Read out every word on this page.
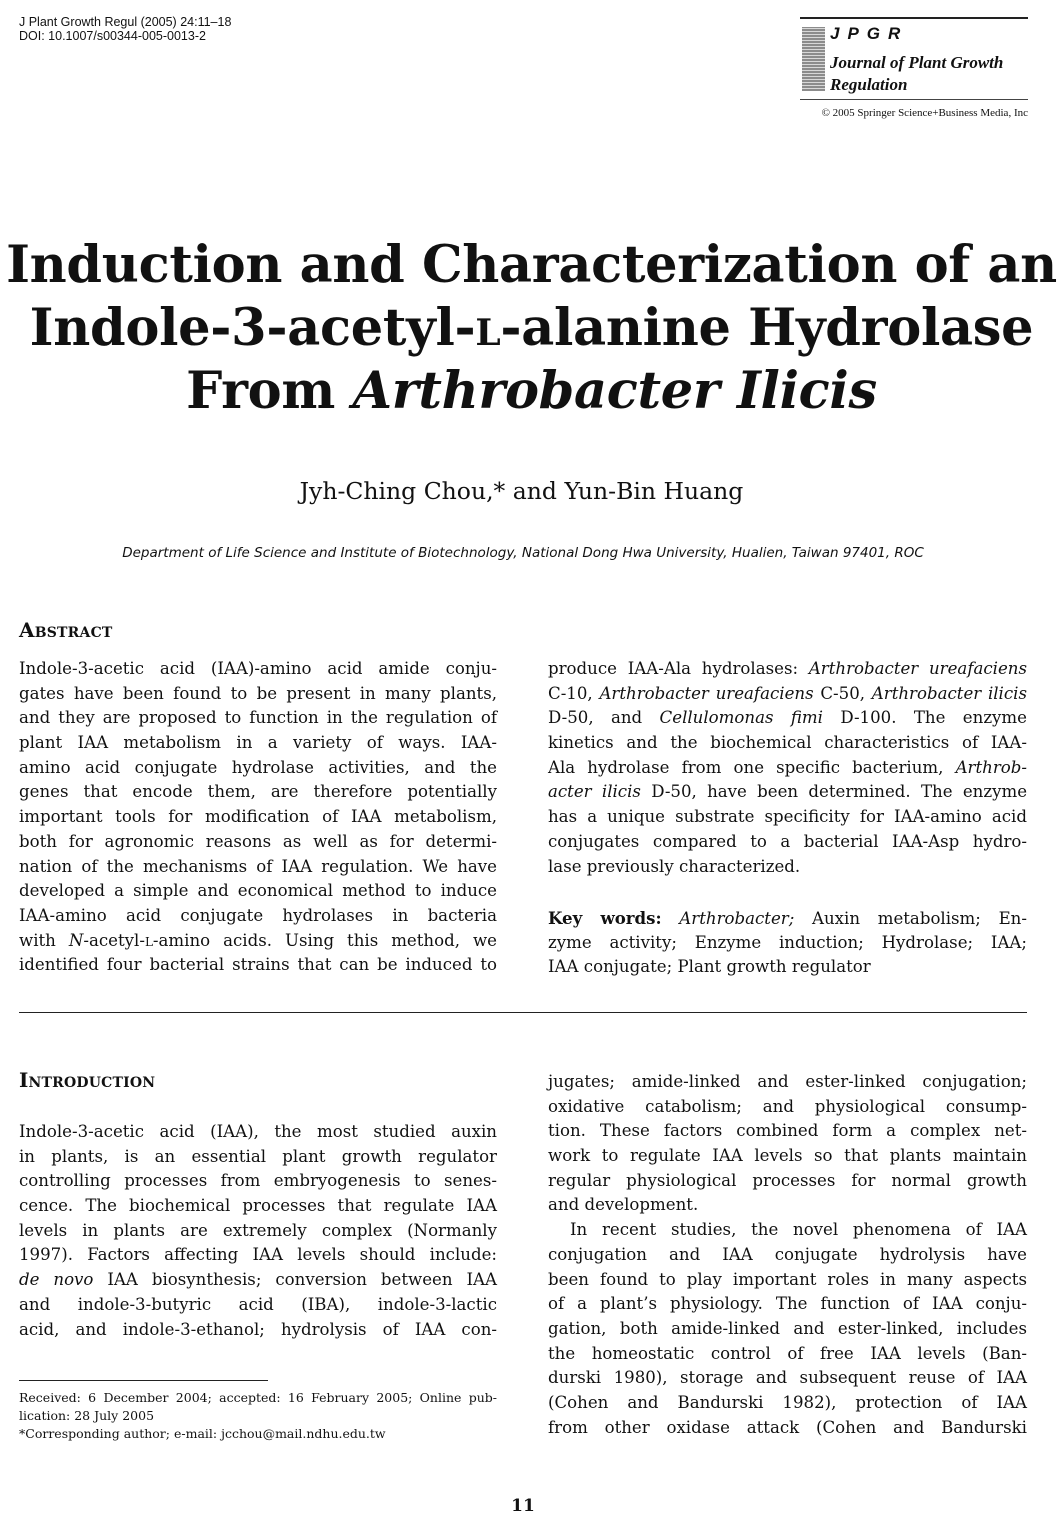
J Plant Growth Regul (2005) 24:11–18
DOI: 10.1007/s00344-005-0013-2	JPGR
Journal of Plant Growth
Regulation
© 2005 Springer Science+Business Media, Inc
Induction and Characterization of an
Indole-3-acetyl-l-alanine Hydrolase
From Arthrobacter Ilicis
Jyh-Ching Chou,* and Yun-Bin Huang
Department of Life Science and Institute of Biotechnology, National Dong Hwa University, Hualien, Taiwan 97401, ROC
Abstract
Indole-3-acetic acid (IAA)-amino acid amide conju-
gates have been found to be present in many plants,
and they are proposed to function in the regulation of
plant IAA metabolism in a variety of ways. IAA-
amino acid conjugate hydrolase activities, and the
genes that encode them, are therefore potentially
important tools for modification of IAA metabolism,
both for agronomic reasons as well as for determi-
nation of the mechanisms of IAA regulation. We have
developed a simple and economical method to induce
IAA-amino acid conjugate hydrolases in bacteria
with N-acetyl-l-amino acids. Using this method, we
identified four bacterial strains that can be induced to
produce IAA-Ala hydrolases: Arthrobacter ureafaciens
C-10, Arthrobacter ureafaciens C-50, Arthrobacter ilicis
D-50, and Cellulomonas fimi D-100. The enzyme
kinetics and the biochemical characteristics of IAA-
Ala hydrolase from one specific bacterium, Arthrob-
acter ilicis D-50, have been determined. The enzyme
has a unique substrate specificity for IAA-amino acid
conjugates compared to a bacterial IAA-Asp hydro-
lase previously characterized.
Key words: Arthrobacter; Auxin metabolism; En-
zyme activity; Enzyme induction; Hydrolase; IAA;
IAA conjugate; Plant growth regulator
Introduction
Indole-3-acetic acid (IAA), the most studied auxin
in plants, is an essential plant growth regulator
controlling processes from embryogenesis to senes-
cence. The biochemical processes that regulate IAA
levels in plants are extremely complex (Normanly
1997). Factors affecting IAA levels should include:
de novo IAA biosynthesis; conversion between IAA
and indole-3-butyric acid (IBA), indole-3-lactic
acid, and indole-3-ethanol; hydrolysis of IAA con-
jugates; amide-linked and ester-linked conjugation;
oxidative catabolism; and physiological consump-
tion. These factors combined form a complex net-
work to regulate IAA levels so that plants maintain
regular physiological processes for normal growth
and development.
In recent studies, the novel phenomena of IAA
conjugation and IAA conjugate hydrolysis have
been found to play important roles in many aspects
of a plant’s physiology. The function of IAA conju-
gation, both amide-linked and ester-linked, includes
the homeostatic control of free IAA levels (Ban-
durski 1980), storage and subsequent reuse of IAA
(Cohen and Bandurski 1982), protection of IAA
from other oxidase attack (Cohen and Bandurski
Received: 6 December 2004; accepted: 16 February 2005; Online pub-
lication: 28 July 2005
*Corresponding author; e-mail: jcchou@mail.ndhu.edu.tw
11
